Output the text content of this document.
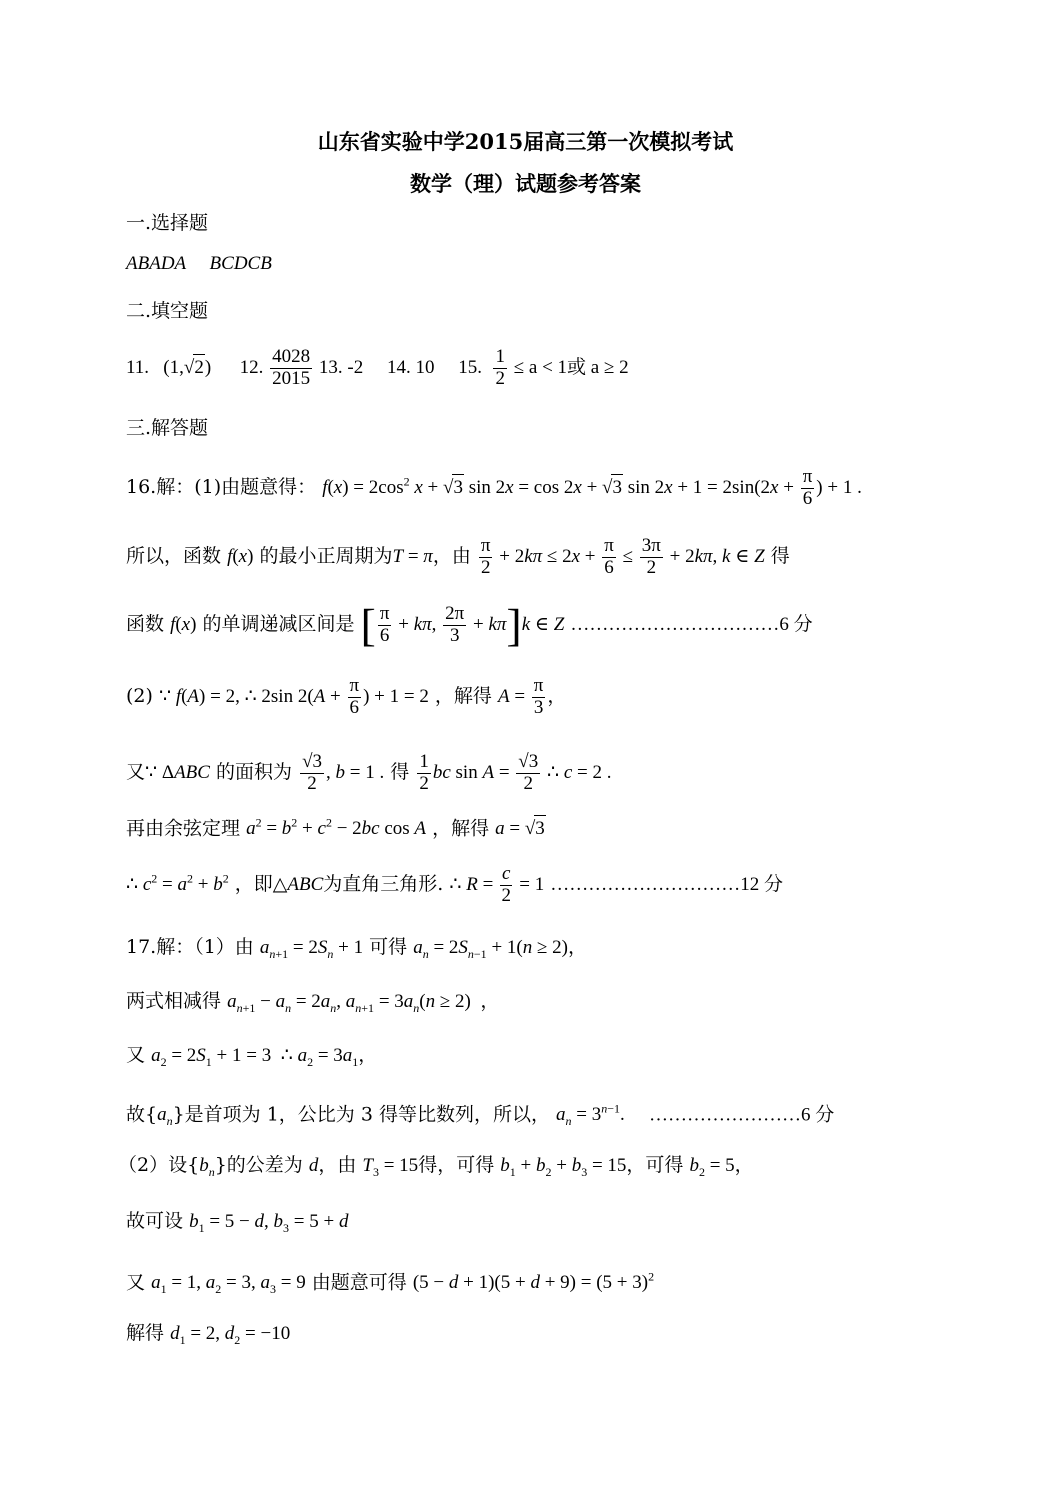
山东省实验中学2015届高三第一次模拟考试
数学（理）试题参考答案
一.选择题
ABADA     BCDCB
二.填空题
11. (1,√2) 12. $\frac{4028}{2015} 13$. -2 14. 10 15. $\frac{1}{2} \le a < 1$或 a ≥ 2
三.解答题
16.解：(1)由题意得： $f(x) = 2\cos^2$ x + √3 sin 2x = cos 2x + √3 $\sin 2x + 1 = 2\sin(2x + \frac{\pi}{6}$ ) + 1 .
所以，函数 f(x) 的最小正周期为T = π，由 $\frac{\pi}{2} + 2k\pi \le 2x + \frac{\pi}{6} \le \frac{3\pi}{2} + 2k\pi$, k ∈ Z 得
函数 f(x) 的单调递减区间是 [ $\frac{\pi}{6} + k\pi$, $\frac{2\pi}{3} + k\pi]k$ ∈ Z ……………………………6 分
(2) ∵ f(A) = 2, ∴ 2sin $2(A + \frac{\pi}{6}$ ) + 1 = 2 ，解得 $A = \frac{\pi}{3}$ ，
又∵ ΔABC 的面积为 $\frac{√3}{2}$ , b = 1 . 得 $\frac{1}{2}$ bc $\sin A = \frac{√3}{2}$ ∴ c = 2 .
再由余弦定理 $a^2 = b^2 + c^2 - 2bc$ cos A ，解得 a = √3
∴ $c^2 = a^2 + b^2$ ，即△ABC为直角三角形. ∴ $R = \frac{c}{2} = 1$ …………………………12 分
17.解：（1）由 $a_{n+1} = 2S_n + 1$ 可得 $a_n = 2S_{n-1} + 1(n \ge 2)$，
两式相减得 $a_{n+1} - a_n = 2a_n$, $a_{n+1} = 3a_n(n \ge 2)$  ，
又 $a_2 = 2S_1 + 1 = 3$  ∴ $a_2 = 3a_1$，
故$\{a_n\}$是首项为 1，公比为 3 得等比数列，所以， $a_n = 3^{n-1}$. ……………………6 分
（2）设$\{b_n\}$的公差为 d，由 $T_3 = 15$得，可得 $b_1 + b_2 + b_3 = 15$，可得 $b_2 = 5$，
故可设 $b_1 = 5 - d$, $b_3 = 5 + d$
又 $a_1 = 1$, $a_2 = 3$, $a_3 = 9$ 由题意可得 $(5 - d + 1)(5 + d + 9) = (5 + 3)^2$
解得 $d_1 = 2$, $d_2 = -10$
